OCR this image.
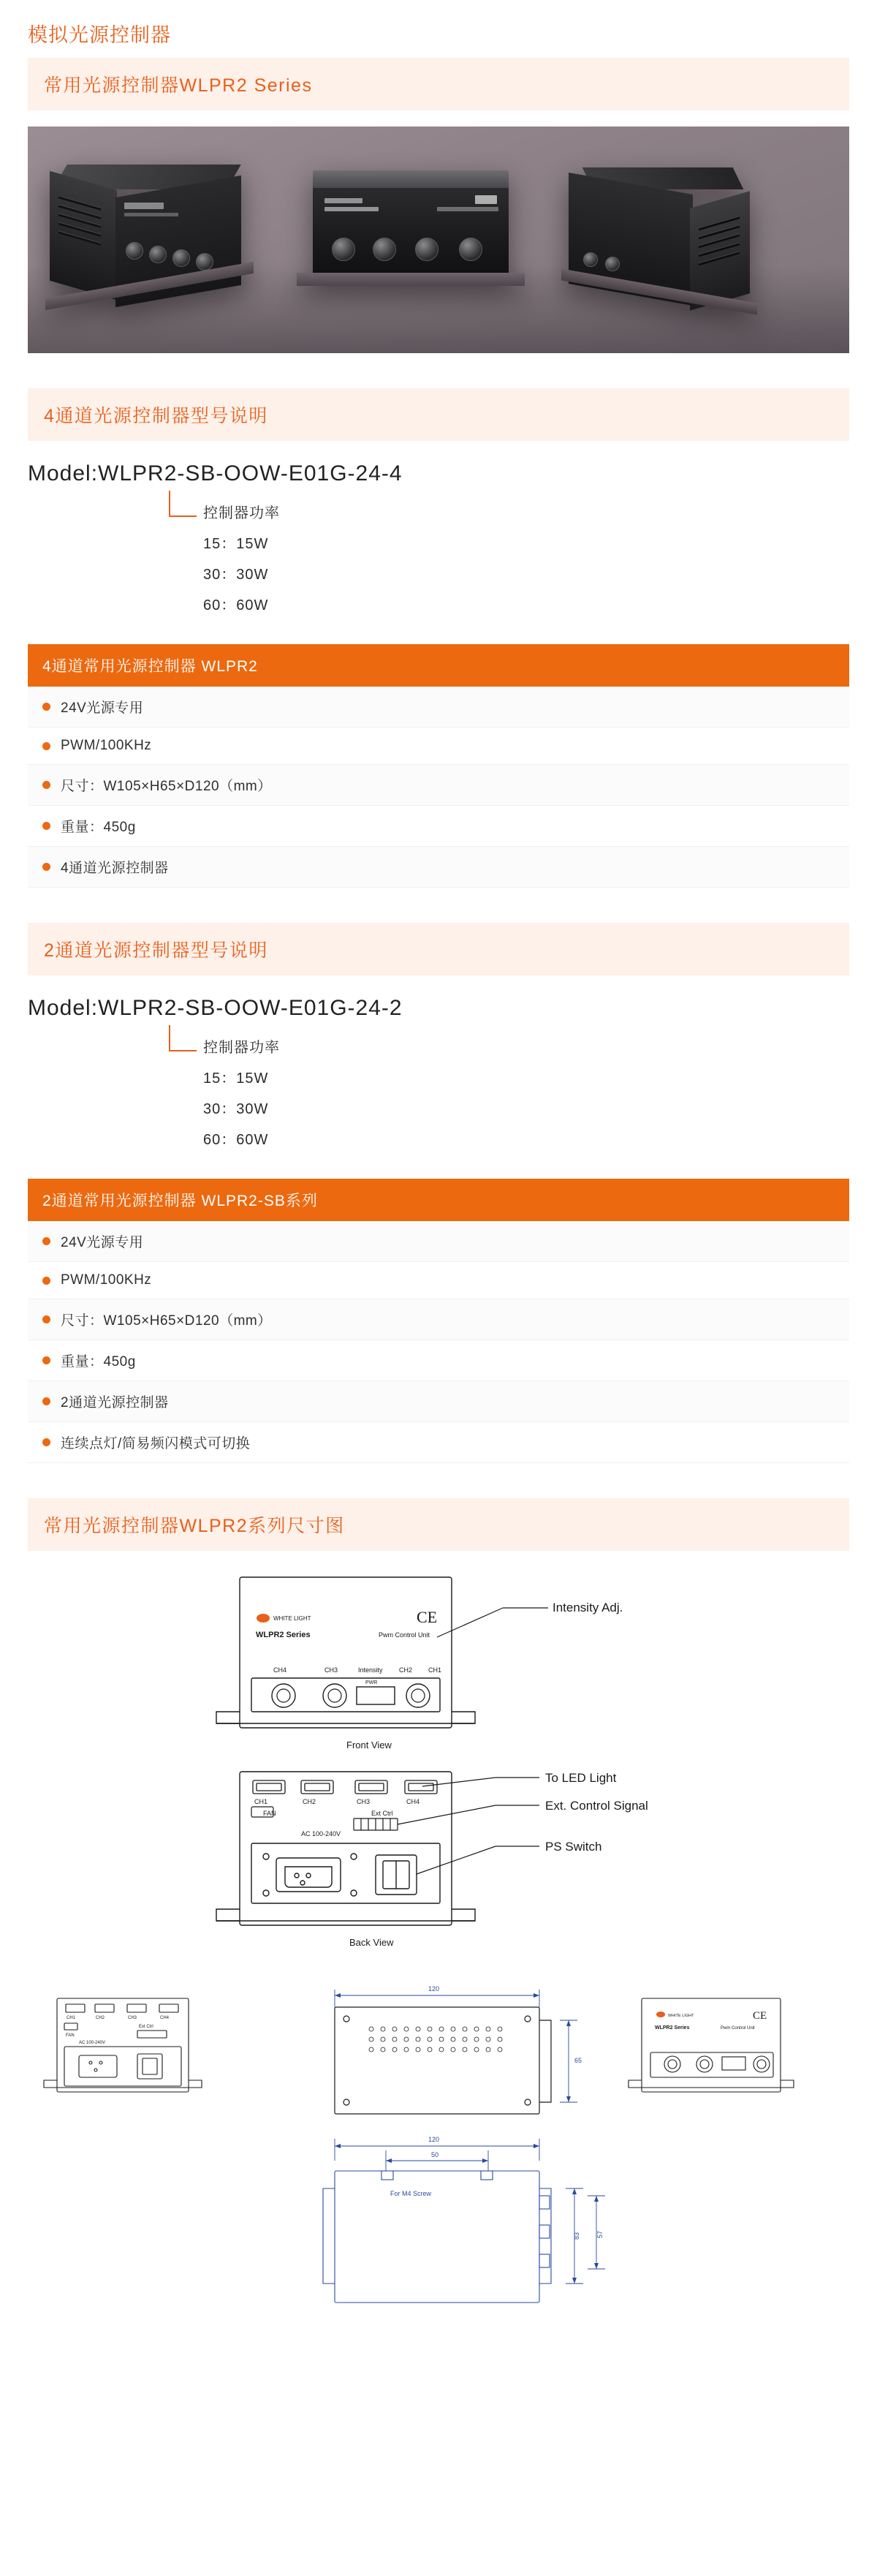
模拟光源控制器
常用光源控制器WLPR2 Series
4通道光源控制器型号说明
Model:WLPR2-SB-OOW-E01G-24-4
控制器功率
15：15W
30：30W
60：60W
4通道常用光源控制器 WLPR2
24V光源专用
PWM/100KHz
尺寸：W105×H65×D120（mm）
重量：450g
4通道光源控制器
2通道光源控制器型号说明
Model:WLPR2-SB-OOW-E01G-24-2
控制器功率
15：15W
30：30W
60：60W
2通道常用光源控制器 WLPR2-SB系列
24V光源专用
PWM/100KHz
尺寸：W105×H65×D120（mm）
重量：450g
2通道光源控制器
连续点灯/简易频闪模式可切换
常用光源控制器WLPR2系列尺寸图
WHITE LIGHT
WLPR2 Series	Pwm Control Unit
CE
CH4	CH3	Intensity CH2 CH1
PWR
Intensity Adj.
Front View
CH1	CH2	CH3	CH4
FAN	Ext Ctrl
AC 100-240V
To LED Light
Ext. Control Signal
PS Switch
Back View
CH1	CH2	CH3	CH4
FAN
Ext Ctrl
AC 100-240V
120
65
WHITE LIGHT
WLPR2 Series	Pwm Control Unit
CE
120
50
For M4 Screw
83 57
